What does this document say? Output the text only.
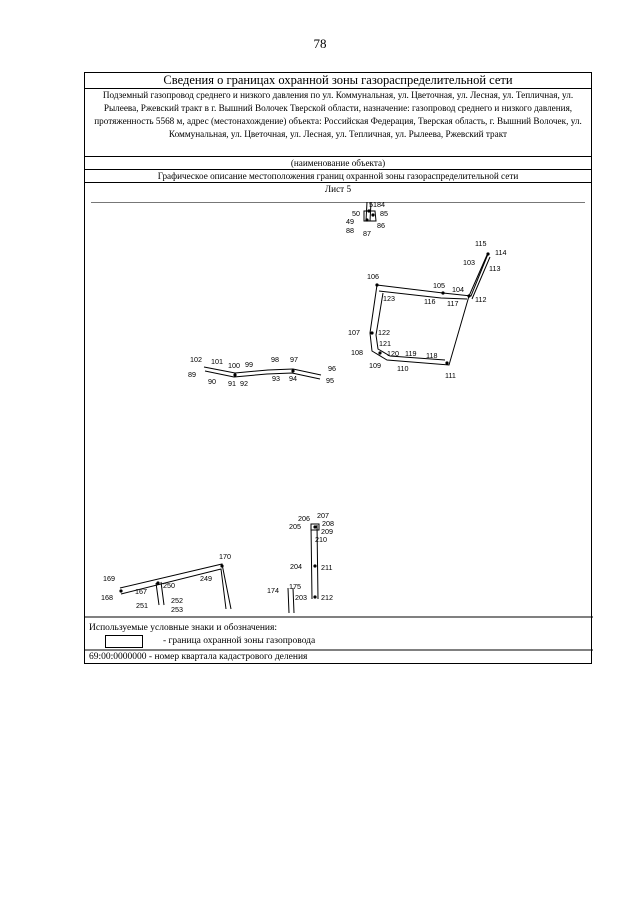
78
Сведения о границах охранной зоны газораспределительной сети
Подземный газопровод среднего и низкого давления по ул. Коммунальная, ул. Цветочная, ул. Лесная, ул. Тепличная, ул. Рылеева, Ржевский тракт в г. Вышний Волочек Тверской области, назначение: газопровод среднего и низкого давления, протяженность 5568 м, адрес (местонахождение) объекта: Российская Федерация, Тверская область, г. Вышний Волочек, ул. Коммунальная, ул. Цветочная, ул. Лесная, ул. Тепличная, ул. Рылеева, Ржевский тракт
(наименование объекта)
Графическое описание местоположения границ охранной зоны газораспределительной сети
Лист 5
51 84
50	85
49	86
88 87
115
114
103
113
106
105 104
123	116 117 112
107	122
121
108	120 119 118
109 110
111
102 101 100 99
98 97
96
89
90 91 92
93 94	95
206 207
205	208
209
210
204	211
175
174
203 212
170
169
168
167
250
249
251
252
253
Используемые условные знаки и обозначения:
- граница охранной зоны газопровода
69:00:0000000 - номер квартала кадастрового деления
